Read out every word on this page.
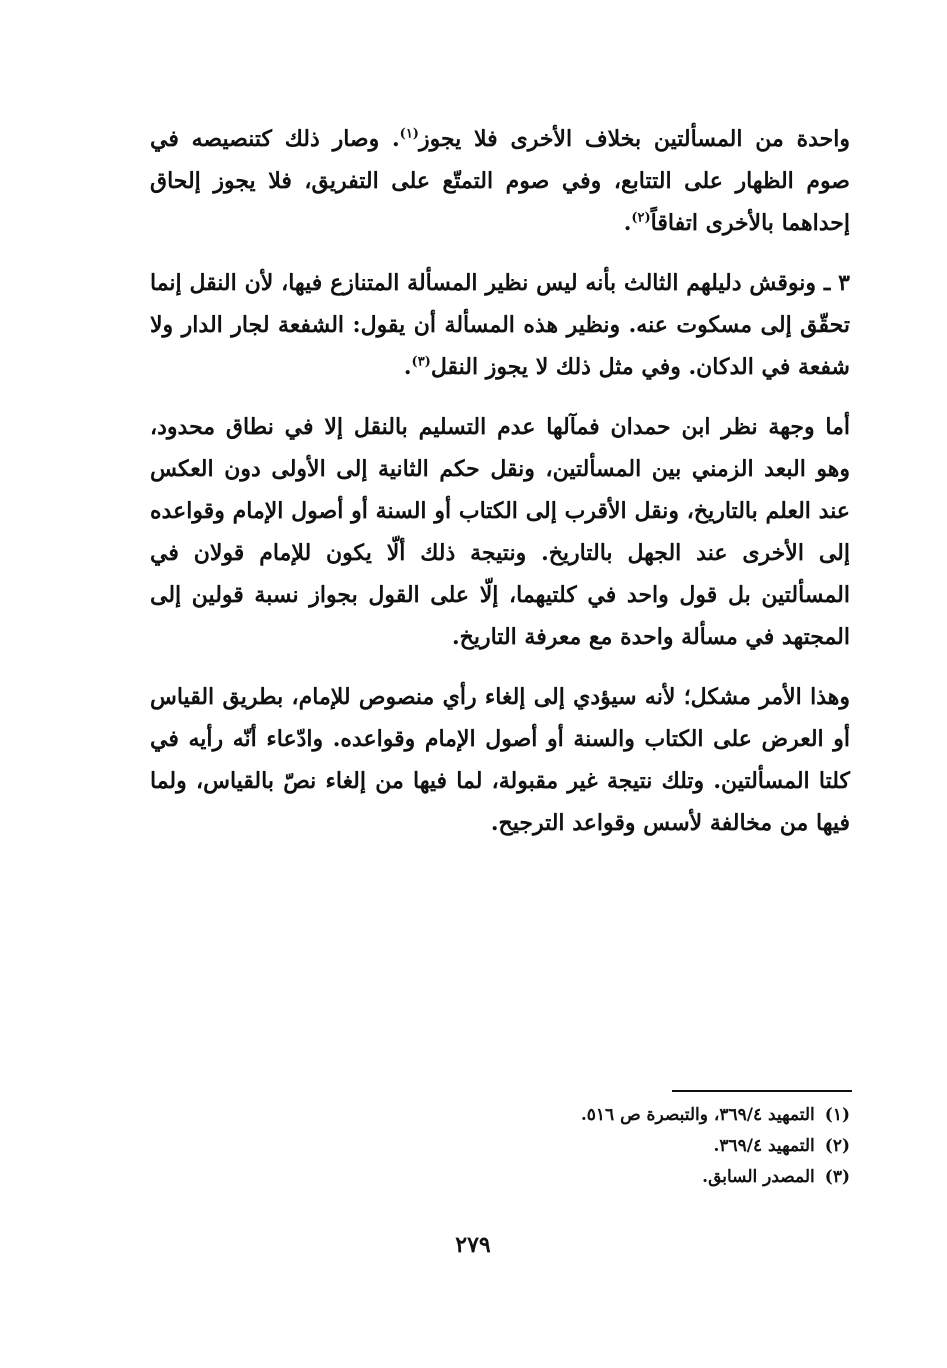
واحدة من المسألتين بخلاف الأخرى فلا يجوز$^{(١)}$. وصار ذلك كتنصيصه في صوم الظهار على التتابع، وفي صوم التمتّع على التفريق، فلا يجوز إلحاق إحداهما بالأخرى اتفاقاً$^{(٢)}$.

٣ ـ ونوقش دليلهم الثالث بأنه ليس نظير المسألة المتنازع فيها، لأن النقل إنما تحقّق إلى مسكوت عنه. ونظير هذه المسألة أن يقول: الشفعة لجار الدار ولا شفعة في الدكان. وفي مثل ذلك لا يجوز النقل$^{(٣)}$.

أما وجهة نظر ابن حمدان فمآلها عدم التسليم بالنقل إلا في نطاق محدود، وهو البعد الزمني بين المسألتين، ونقل حكم الثانية إلى الأولى دون العكس عند العلم بالتاريخ، ونقل الأقرب إلى الكتاب أو السنة أو أصول الإمام وقواعده إلى الأخرى عند الجهل بالتاريخ. ونتيجة ذلك ألّا يكون للإمام قولان في المسألتين بل قول واحد في كلتيهما، إلّا على القول بجواز نسبة قولين إلى المجتهد في مسألة واحدة مع معرفة التاريخ.

وهذا الأمر مشكل؛ لأنه سيؤدي إلى إلغاء رأي منصوص للإمام، بطريق القياس أو العرض على الكتاب والسنة أو أصول الإمام وقواعده. وادّعاء أنّه رأيه في كلتا المسألتين. وتلك نتيجة غير مقبولة، لما فيها من إلغاء نصّ بالقياس، ولما فيها من مخالفة لأسس وقواعد الترجيح.

(١)التمهيد ٣٦٩/٤، والتبصرة ص ٥١٦.
(٢)التمهيد ٣٦٩/٤.
(٣)المصدر السابق.
٢٧٩
